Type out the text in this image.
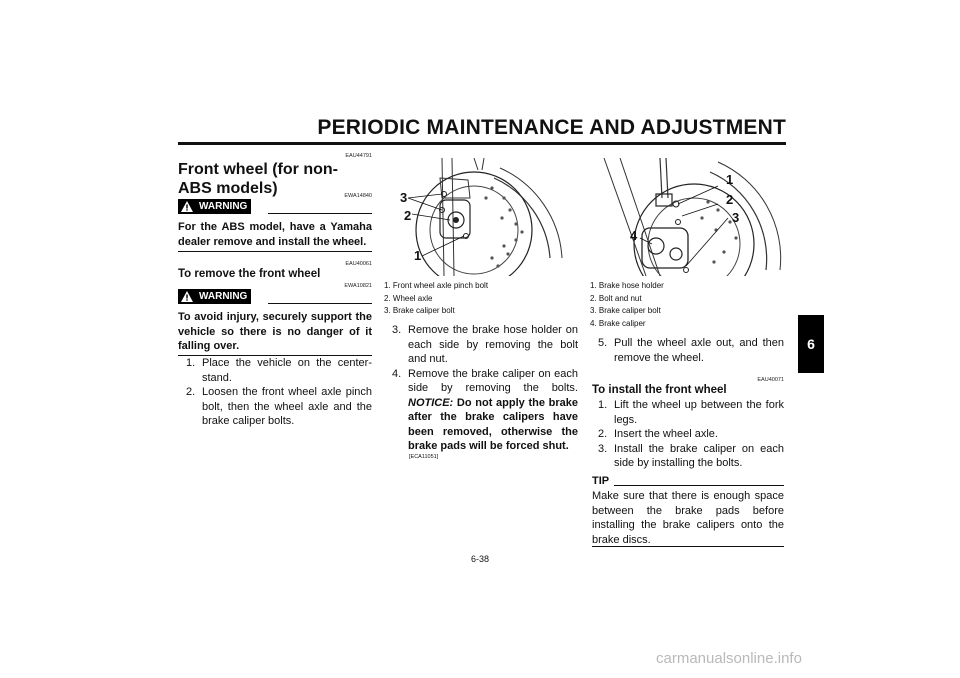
PERIODIC MAINTENANCE AND ADJUSTMENT
6
EAU44791
Front wheel (for non-ABS models)	EWA14840
WARNING
For the ABS model, have a Yamaha dealer remove and install the wheel.
EAU40061
To remove the front wheel
EWA10821
WARNING
To avoid injury, securely support the vehicle so there is no danger of it falling over.
1. Place the vehicle on the center-stand.
2. Loosen the front wheel axle pinch bolt, then the wheel axle and the brake caliper bolts.
3
2
1
1. Front wheel axle pinch bolt
2. Wheel axle
3. Brake caliper bolt
3. Remove the brake hose holder on each side by removing the bolt and nut.
4. Remove the brake caliper on each side by removing the bolts. NOTICE: Do not apply the brake after the brake calipers have been removed, otherwise the brake pads will be forced shut.
[ECA11051]
1
2
3
4
1. Brake hose holder
2. Bolt and nut
3. Brake caliper bolt
4. Brake caliper
5. Pull the wheel axle out, and then remove the wheel.
EAU40071
To install the front wheel
1. Lift the wheel up between the fork legs.
2. Insert the wheel axle.
3. Install the brake caliper on each side by installing the bolts.
TIP
Make sure that there is enough space between the brake pads before installing the brake calipers onto the brake discs.
6-38
carmanualsonline.info
